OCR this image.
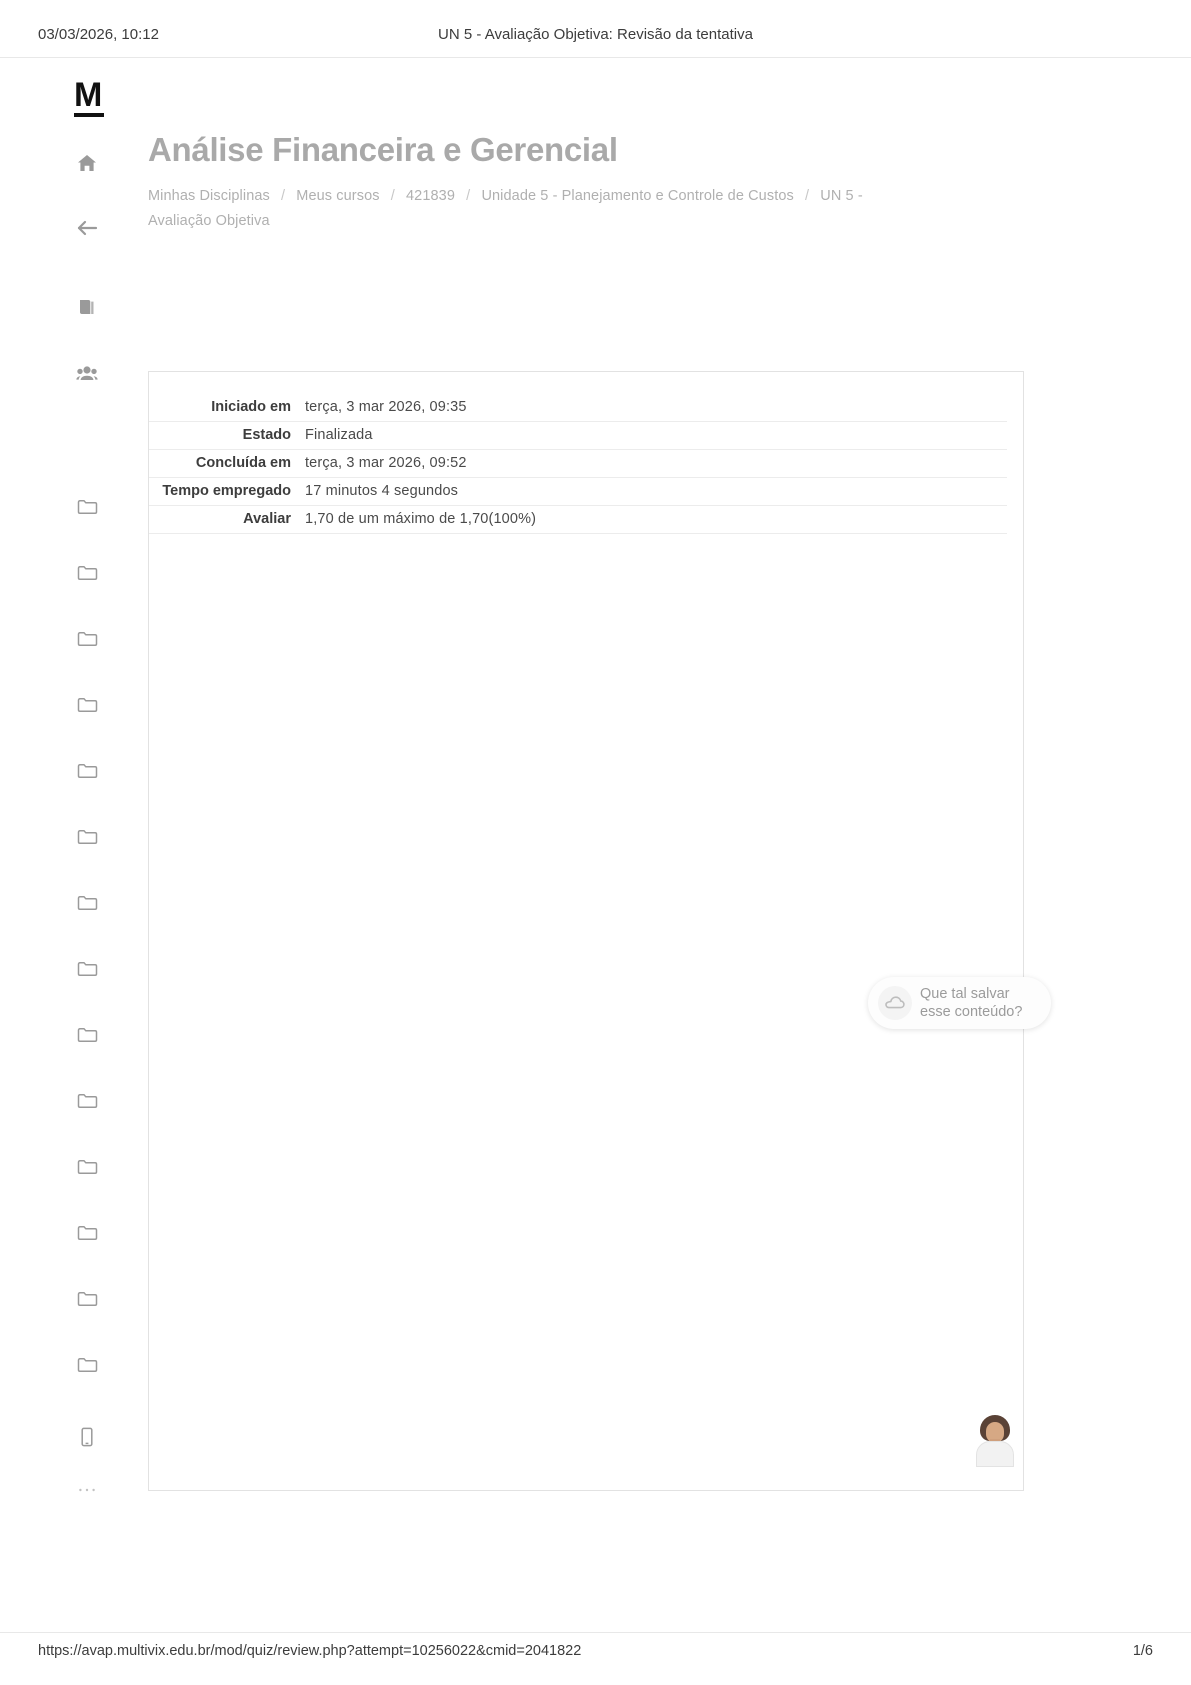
03/03/2026, 10:12	UN 5 - Avaliação Objetiva: Revisão da tentativa
M
Análise Financeira e Gerencial
Minhas Disciplinas / Meus cursos / 421839 / Unidade 5 - Planejamento e Controle de Custos / UN 5 - Avaliação Objetiva
Iniciado em terça, 3 mar 2026, 09:35
Estado Finalizada
Concluída em terça, 3 mar 2026, 09:52
Tempo empregado 17 minutos 4 segundos
Avaliar 1,70 de um máximo de 1,70(100%)
Que tal salvar
esse conteúdo?
https://avap.multivix.edu.br/mod/quiz/review.php?attempt=10256022&cmid=2041822	1/6
